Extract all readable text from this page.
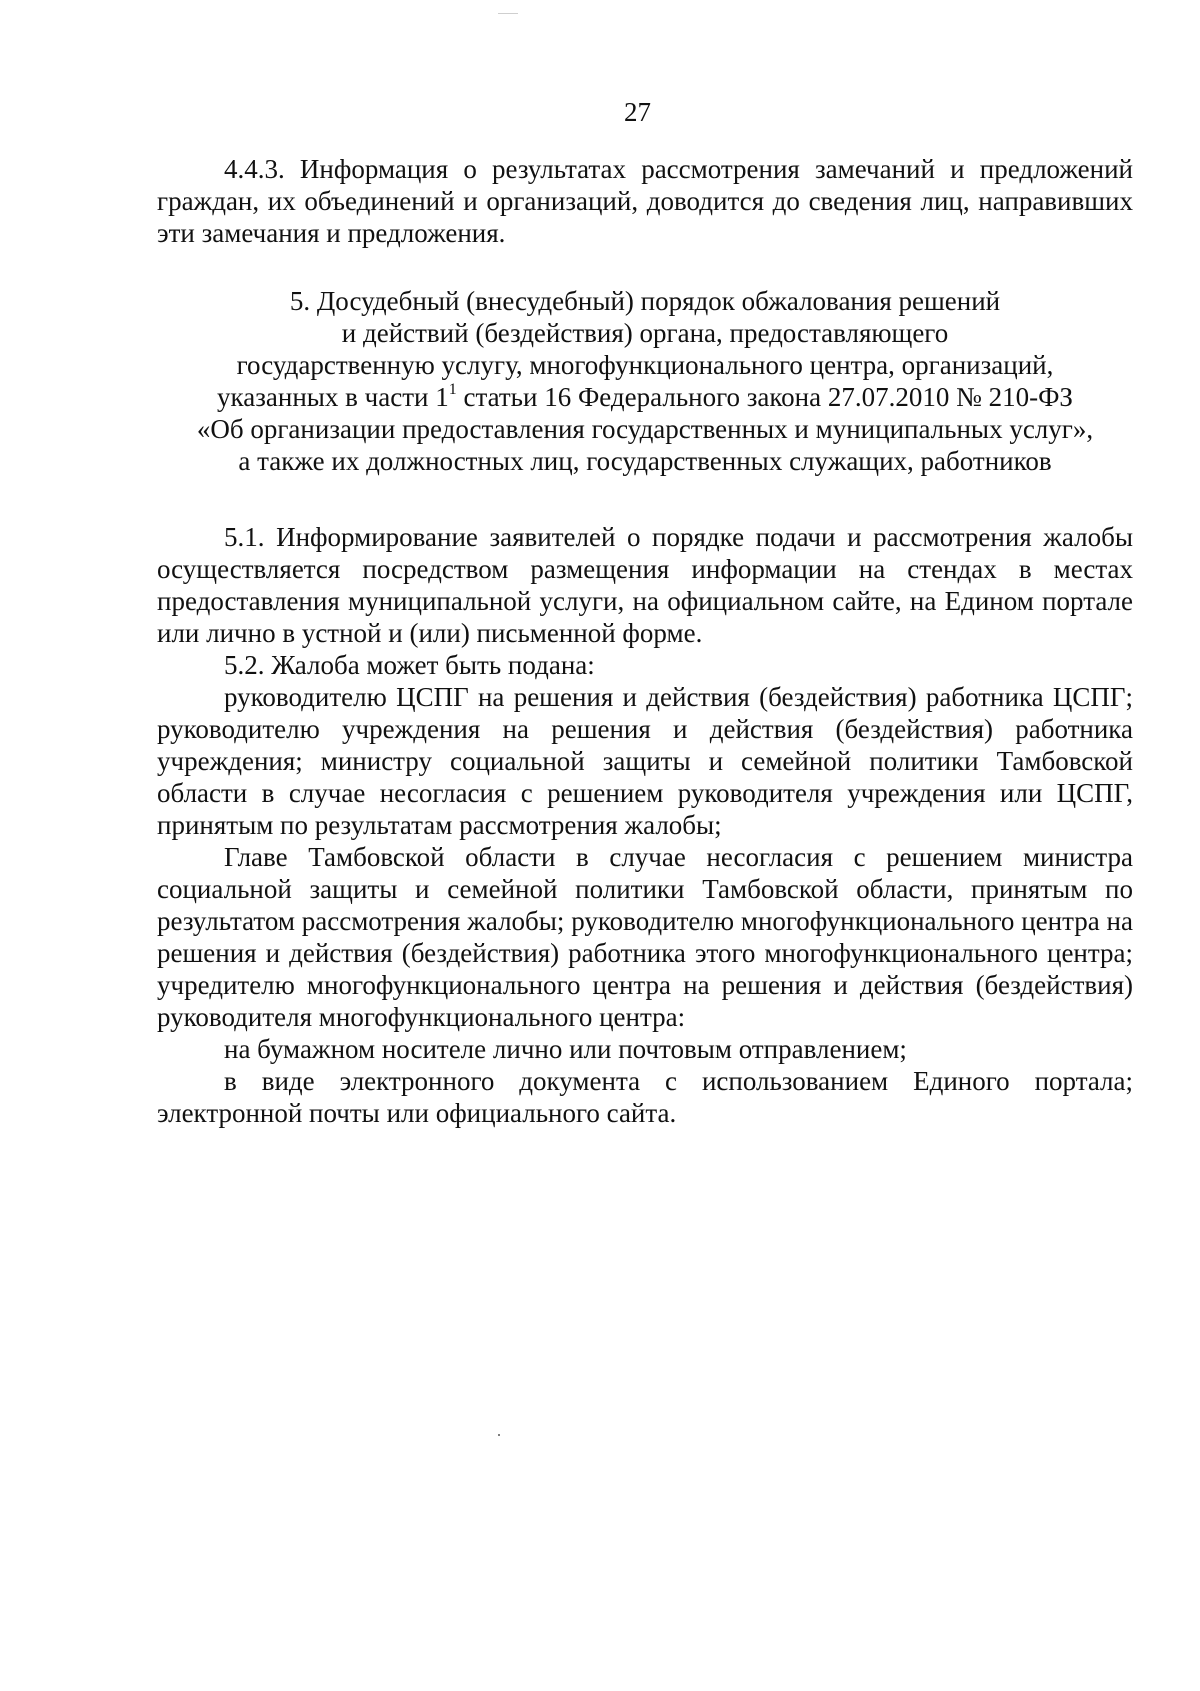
27

4.4.3. Информация о результатах рассмотрения замечаний и предложений граждан, их объединений и организаций, доводится до сведения лиц, направивших эти замечания и предложения.

5. Досудебный (внесудебный) порядок обжалования решений
и действий (бездействия) органа, предоставляющего
государственную услугу, многофункционального центра, организаций,
указанных в части $1^1$ статьи 16 Федерального закона 27.07.2010 № 210-ФЗ
«Об организации предоставления государственных и муниципальных услуг»,
а также их должностных лиц, государственных служащих, работников

5.1. Информирование заявителей о порядке подачи и рассмотрения жалобы осуществляется посредством размещения информации на стендах в местах предоставления муниципальной услуги, на официальном сайте, на Едином портале или лично в устной и (или) письменной форме.

5.2. Жалоба может быть подана:

руководителю ЦСПГ на решения и действия (бездействия) работника ЦСПГ; руководителю учреждения на решения и действия (бездействия) работника учреждения; министру социальной защиты и семейной политики Тамбовской области в случае несогласия с решением руководителя учреждения или ЦСПГ, принятым по результатам рассмотрения жалобы;

Главе Тамбовской области в случае несогласия с решением министра социальной защиты и семейной политики Тамбовской области, принятым по результатом рассмотрения жалобы; руководителю многофункционального центра на решения и действия (бездействия) работника этого многофункционального центра; учредителю многофункционального центра на решения и действия (бездействия) руководителя многофункционального центра:

на бумажном носителе лично или почтовым отправлением;

в виде электронного документа с использованием Единого портала; электронной почты или официального сайта.
